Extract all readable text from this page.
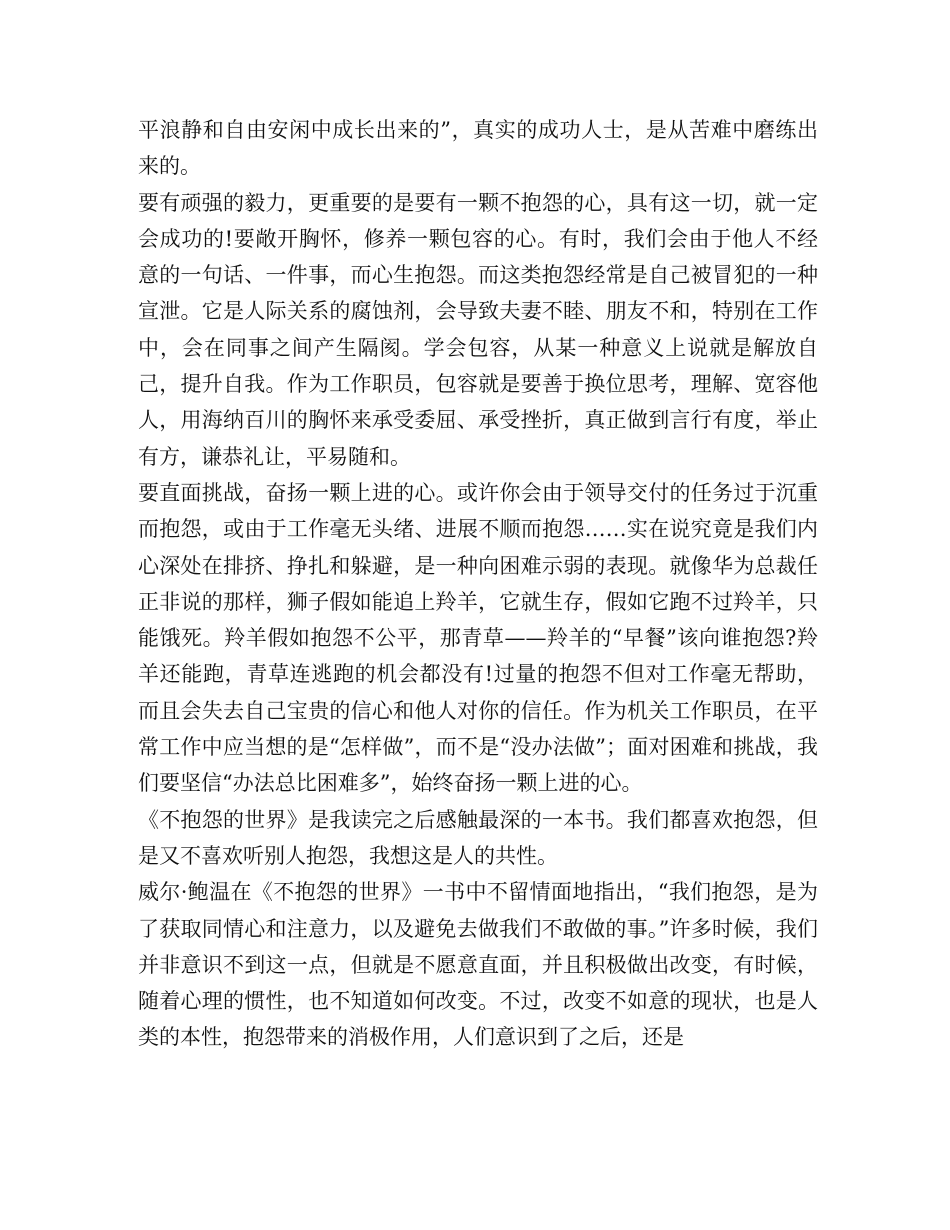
平浪静和自由安闲中成长出来的”，真实的成功人士，是从苦难中磨练出来的。

要有顽强的毅力，更重要的是要有一颗不抱怨的心，具有这一切，就一定会成功的!要敞开胸怀，修养一颗包容的心。有时，我们会由于他人不经意的一句话、一件事，而心生抱怨。而这类抱怨经常是自己被冒犯的一种宣泄。它是人际关系的腐蚀剂，会导致夫妻不睦、朋友不和，特别在工作中，会在同事之间产生隔阂。学会包容，从某一种意义上说就是解放自己，提升自我。作为工作职员，包容就是要善于换位思考，理解、宽容他人，用海纳百川的胸怀来承受委屈、承受挫折，真正做到言行有度，举止有方，谦恭礼让，平易随和。

要直面挑战，奋扬一颗上进的心。或许你会由于领导交付的任务过于沉重而抱怨，或由于工作毫无头绪、进展不顺而抱怨……实在说究竟是我们内心深处在排挤、挣扎和躲避，是一种向困难示弱的表现。就像华为总裁任正非说的那样，狮子假如能追上羚羊，它就生存，假如它跑不过羚羊，只能饿死。羚羊假如抱怨不公平，那青草——羚羊的“早餐”该向谁抱怨?羚羊还能跑，青草连逃跑的机会都没有!过量的抱怨不但对工作毫无帮助，而且会失去自己宝贵的信心和他人对你的信任。作为机关工作职员，在平常工作中应当想的是“怎样做”，而不是“没办法做”；面对困难和挑战，我们要坚信“办法总比困难多”，始终奋扬一颗上进的心。

《不抱怨的世界》是我读完之后感触最深的一本书。我们都喜欢抱怨，但是又不喜欢听别人抱怨，我想这是人的共性。

威尔·鲍温在《不抱怨的世界》一书中不留情面地指出，“我们抱怨，是为了获取同情心和注意力，以及避免去做我们不敢做的事。”许多时候，我们并非意识不到这一点，但就是不愿意直面，并且积极做出改变，有时候，随着心理的惯性，也不知道如何改变。不过，改变不如意的现状，也是人类的本性，抱怨带来的消极作用，人们意识到了之后，还是
